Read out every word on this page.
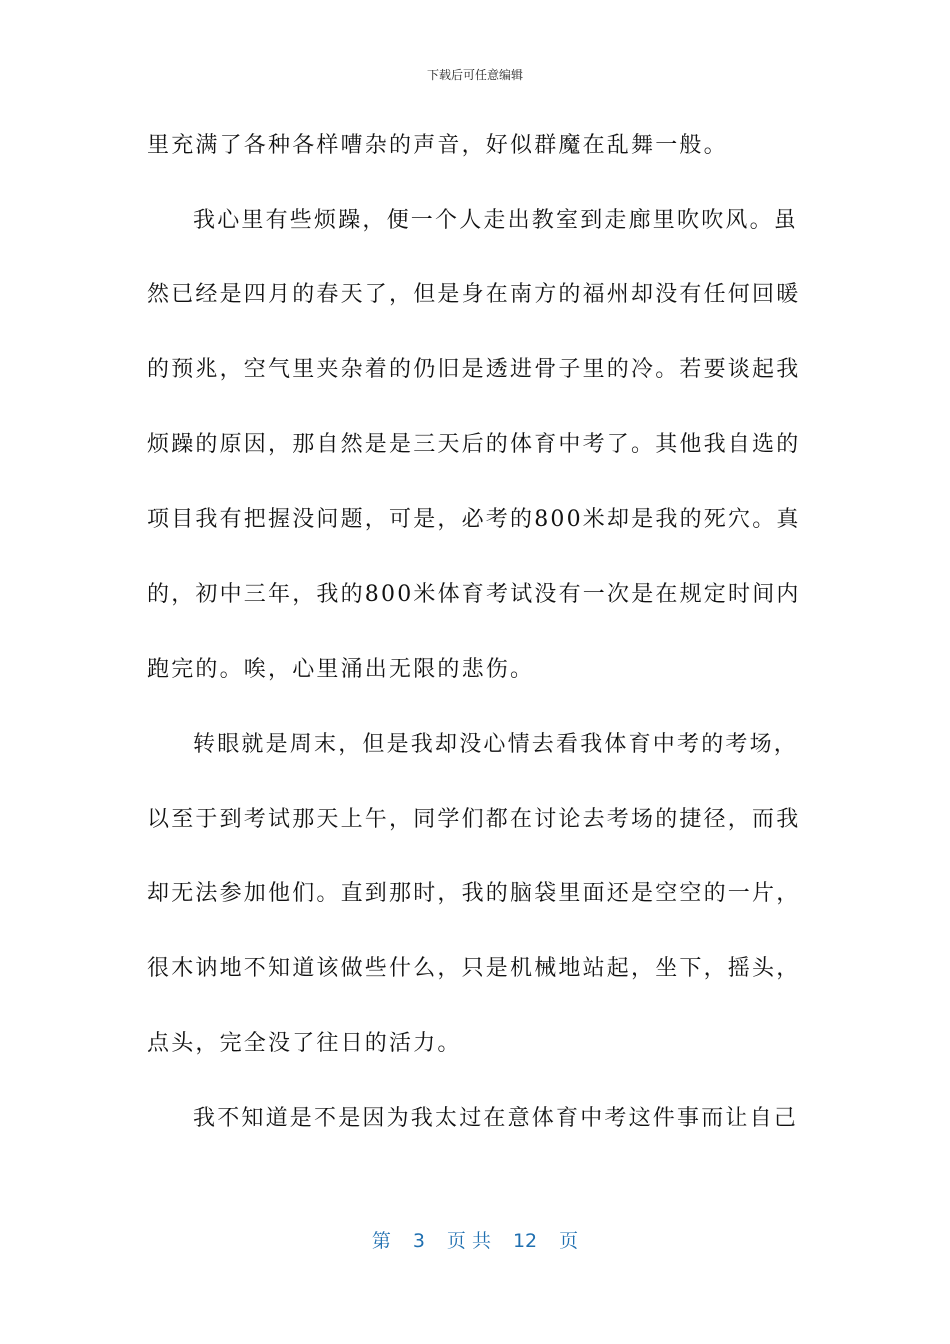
下载后可任意编辑
里充满了各种各样嘈杂的声音，好似群魔在乱舞一般。
我心里有些烦躁，便一个人走出教室到走廊里吹吹风。虽
然已经是四月的春天了，但是身在南方的福州却没有任何回暖
的预兆，空气里夹杂着的仍旧是透进骨子里的冷。若要谈起我
烦躁的原因，那自然是是三天后的体育中考了。其他我自选的
项目我有把握没问题，可是，必考的800米却是我的死穴。真
的，初中三年，我的800米体育考试没有一次是在规定时间内
跑完的。唉，心里涌出无限的悲伤。
转眼就是周末，但是我却没心情去看我体育中考的考场，
以至于到考试那天上午，同学们都在讨论去考场的捷径，而我
却无法参加他们。直到那时，我的脑袋里面还是空空的一片，
很木讷地不知道该做些什么，只是机械地站起，坐下，摇头，
点头，完全没了往日的活力。
我不知道是不是因为我太过在意体育中考这件事而让自己
第 3 页 共 12 页
